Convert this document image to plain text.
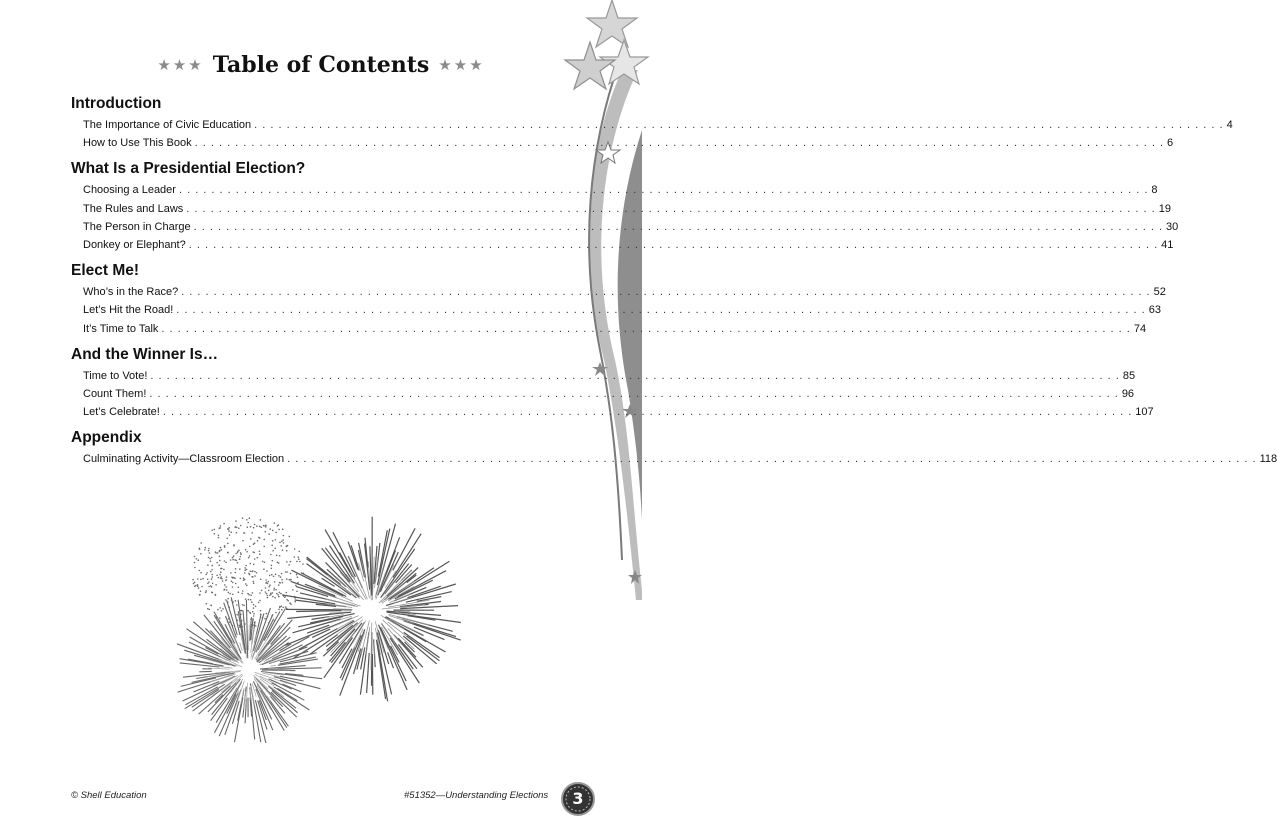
★★★ Table of Contents ★★★
Introduction
The Importance of Civic Education . . . . . . . . . . . . . . . . . . . . . . . . . . . . . . . . . . . . . . . . . . . . . . . . . . . . . . . . . . . . . . . . . . . . . . . . . . . . . . . . . . . . . . . . . . . . . . . . . . . . . . . . . . . . . . . . . . . . . . . . 4
How to Use This Book . . . . . . . . . . . . . . . . . . . . . . . . . . . . . . . . . . . . . . . . . . . . . . . . . . . . . . . . . . . . . . . . . . . . . . . . . . . . . . . . . . . . . . . . . . . . . . . . . . . . . . . . . . . . . . . . . . . . . . . . 6
What Is a Presidential Election?
Choosing a Leader . . . . . . . . . . . . . . . . . . . . . . . . . . . . . . . . . . . . . . . . . . . . . . . . . . . . . . . . . . . . . . . . . . . . . . . . . . . . . . . . . . . . . . . . . . . . . . . . . . . . . . . . . . . . . . . . . . . . . . . . 8
The Rules and Laws . . . . . . . . . . . . . . . . . . . . . . . . . . . . . . . . . . . . . . . . . . . . . . . . . . . . . . . . . . . . . . . . . . . . . . . . . . . . . . . . . . . . . . . . . . . . . . . . . . . . . . . . . . . . . . . . . . . . . . . . 19
The Person in Charge . . . . . . . . . . . . . . . . . . . . . . . . . . . . . . . . . . . . . . . . . . . . . . . . . . . . . . . . . . . . . . . . . . . . . . . . . . . . . . . . . . . . . . . . . . . . . . . . . . . . . . . . . . . . . . . . . . . . . . . . 30
Donkey or Elephant? . . . . . . . . . . . . . . . . . . . . . . . . . . . . . . . . . . . . . . . . . . . . . . . . . . . . . . . . . . . . . . . . . . . . . . . . . . . . . . . . . . . . . . . . . . . . . . . . . . . . . . . . . . . . . . . . . . . . . . . . 41
Elect Me!
Who’s in the Race? . . . . . . . . . . . . . . . . . . . . . . . . . . . . . . . . . . . . . . . . . . . . . . . . . . . . . . . . . . . . . . . . . . . . . . . . . . . . . . . . . . . . . . . . . . . . . . . . . . . . . . . . . . . . . . . . . . . . . . . . 52
Let’s Hit the Road! . . . . . . . . . . . . . . . . . . . . . . . . . . . . . . . . . . . . . . . . . . . . . . . . . . . . . . . . . . . . . . . . . . . . . . . . . . . . . . . . . . . . . . . . . . . . . . . . . . . . . . . . . . . . . . . . . . . . . . . . 63
It’s Time to Talk . . . . . . . . . . . . . . . . . . . . . . . . . . . . . . . . . . . . . . . . . . . . . . . . . . . . . . . . . . . . . . . . . . . . . . . . . . . . . . . . . . . . . . . . . . . . . . . . . . . . . . . . . . . . . . . . . . . . . . . . 74
And the Winner Is…
Time to Vote! . . . . . . . . . . . . . . . . . . . . . . . . . . . . . . . . . . . . . . . . . . . . . . . . . . . . . . . . . . . . . . . . . . . . . . . . . . . . . . . . . . . . . . . . . . . . . . . . . . . . . . . . . . . . . . . . . . . . . . . . 85
Count Them! . . . . . . . . . . . . . . . . . . . . . . . . . . . . . . . . . . . . . . . . . . . . . . . . . . . . . . . . . . . . . . . . . . . . . . . . . . . . . . . . . . . . . . . . . . . . . . . . . . . . . . . . . . . . . . . . . . . . . . . . 96
Let’s Celebrate! . . . . . . . . . . . . . . . . . . . . . . . . . . . . . . . . . . . . . . . . . . . . . . . . . . . . . . . . . . . . . . . . . . . . . . . . . . . . . . . . . . . . . . . . . . . . . . . . . . . . . . . . . . . . . . . . . . . . . . . . 107
Appendix
Culminating Activity—Classroom Election . . . . . . . . . . . . . . . . . . . . . . . . . . . . . . . . . . . . . . . . . . . . . . . . . . . . . . . . . . . . . . . . . . . . . . . . . . . . . . . . . . . . . . . . . . . . . . . . . . . . . . . . . . . . . . . . . . . . . . . . 118
© Shell Education	#51352—Understanding Elections	3
